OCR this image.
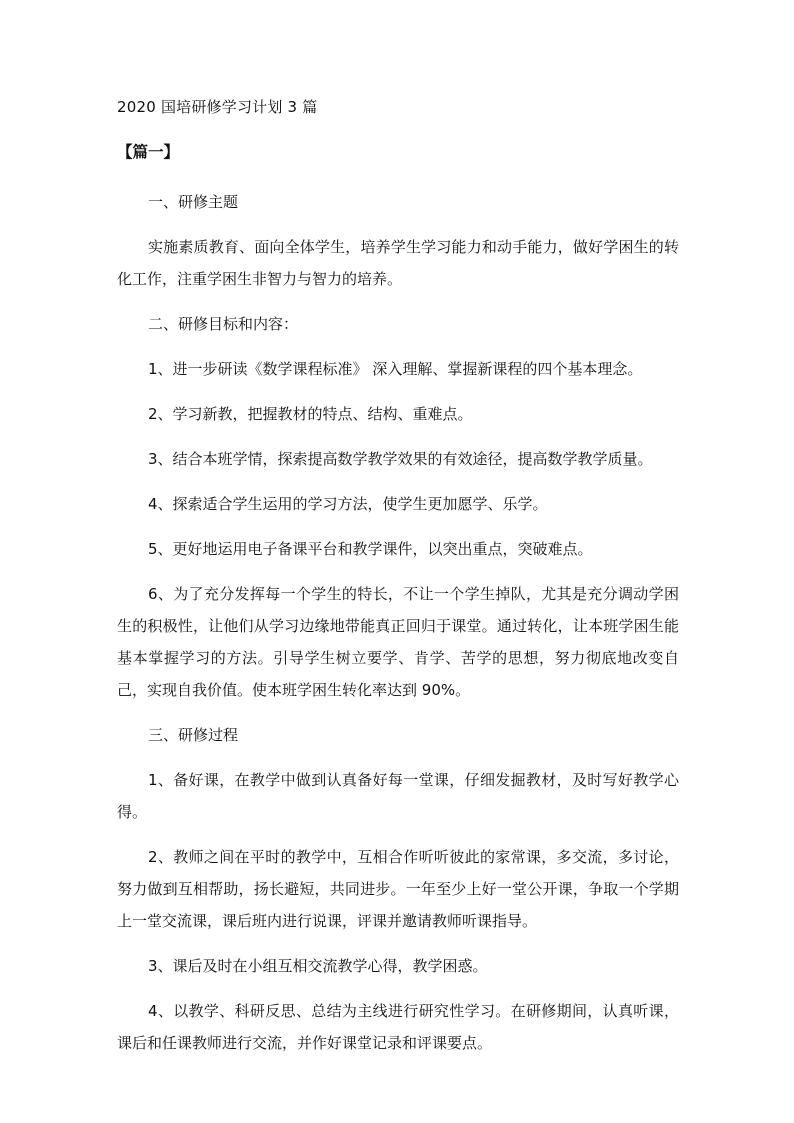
2020 国培研修学习计划 3 篇
【篇一】

一、研修主题

实施素质教育、面向全体学生，培养学生学习能力和动手能力，做好学困生的转化工作，注重学困生非智力与智力的培养。

二、研修目标和内容：

1、进一步研读《数学课程标准》 深入理解、掌握新课程的四个基本理念。

2、学习新教，把握教材的特点、结构、重难点。

3、结合本班学情，探索提高数学教学效果的有效途径，提高数学教学质量。

4、探索适合学生运用的学习方法，使学生更加愿学、乐学。

5、更好地运用电子备课平台和教学课件，以突出重点，突破难点。

6、为了充分发挥每一个学生的特长，不让一个学生掉队，尤其是充分调动学困生的积极性，让他们从学习边缘地带能真正回归于课堂。通过转化，让本班学困生能基本掌握学习的方法。引导学生树立要学、肯学、苦学的思想，努力彻底地改变自己，实现自我价值。使本班学困生转化率达到 90%。

三、研修过程

1、备好课，在教学中做到认真备好每一堂课，仔细发掘教材，及时写好教学心得。

2、教师之间在平时的教学中，互相合作听听彼此的家常课，多交流，多讨论，努力做到互相帮助，扬长避短，共同进步。一年至少上好一堂公开课，争取一个学期上一堂交流课，课后班内进行说课，评课并邀请教师听课指导。

3、课后及时在小组互相交流教学心得，教学困惑。

4、以教学、科研反思、总结为主线进行研究性学习。在研修期间，认真听课，课后和任课教师进行交流，并作好课堂记录和评课要点。
